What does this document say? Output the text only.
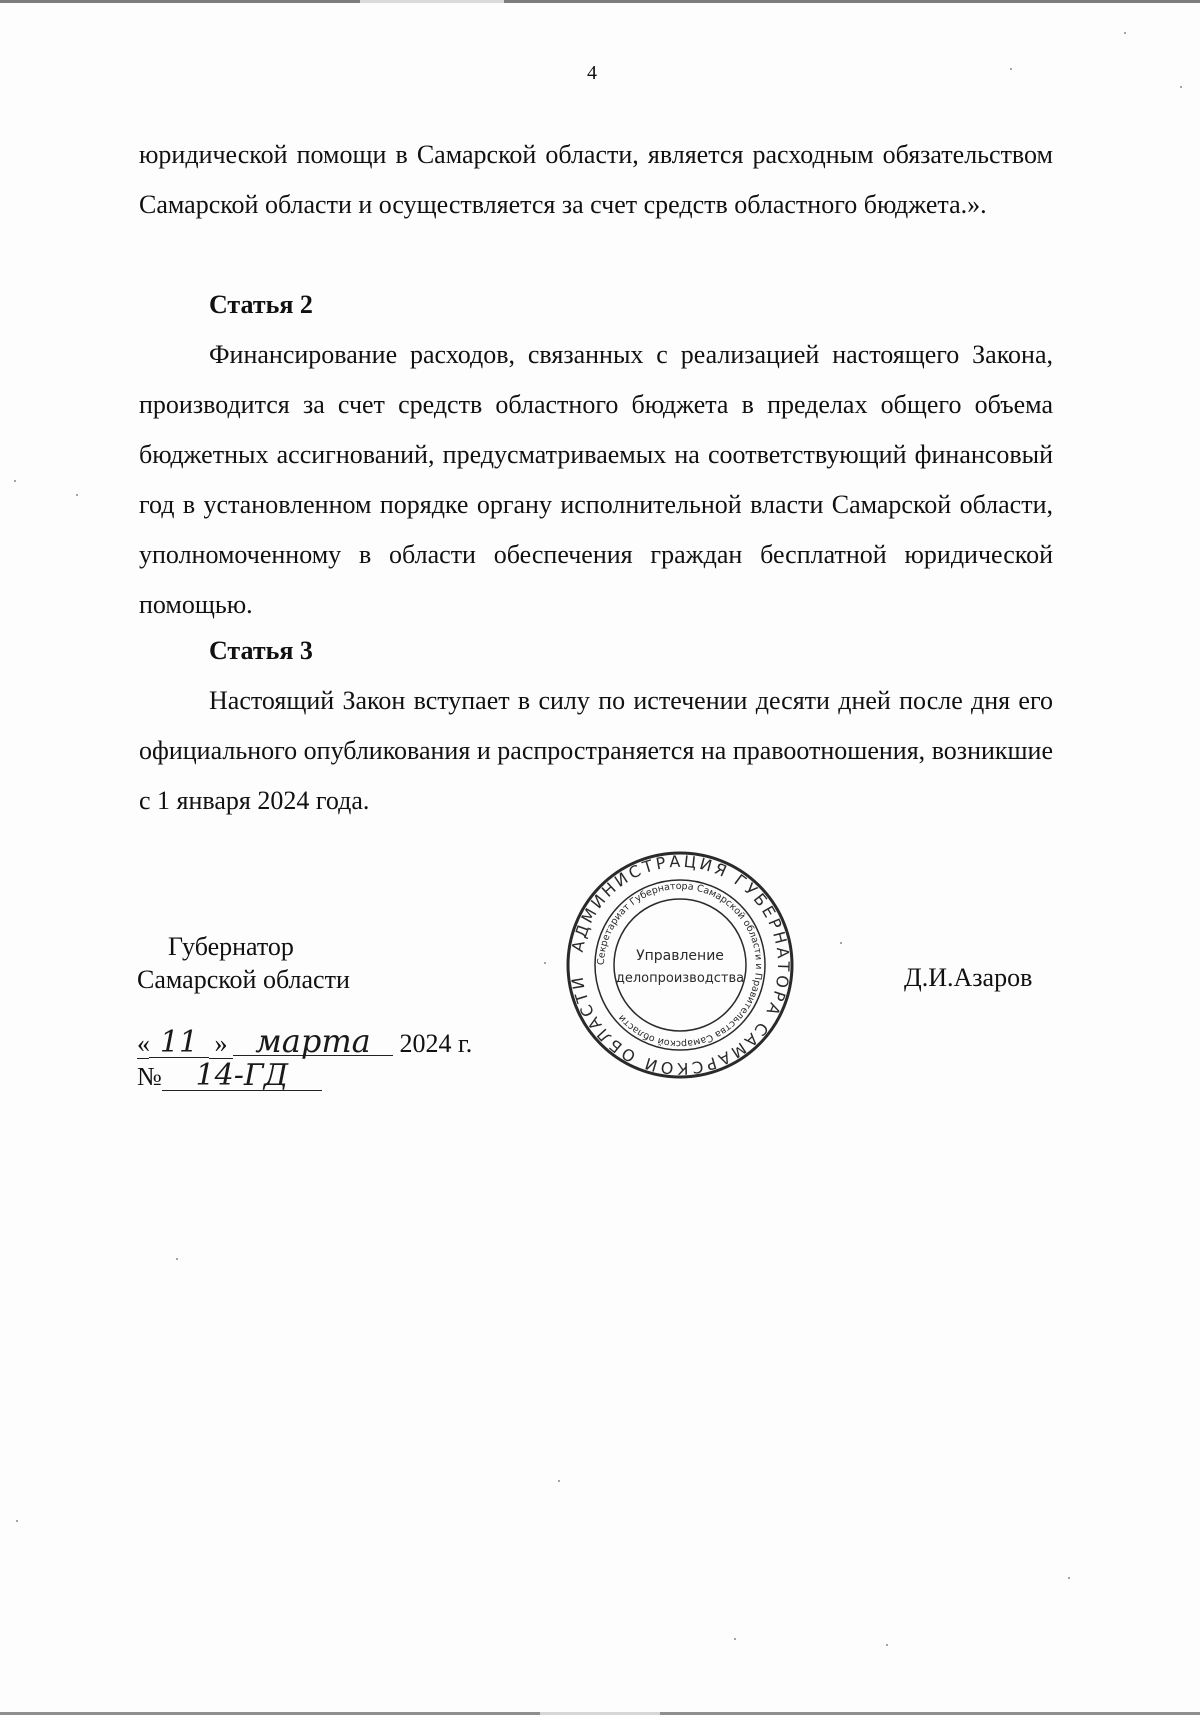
4

юридической помощи в Самарской области, является расходным обязательством Самарской области и осуществляется за счет средств областного бюджета.».

Статья 2

Финансирование расходов, связанных с реализацией настоящего Закона, производится за счет средств областного бюджета в пределах общего объема бюджетных ассигнований, предусматриваемых на соответствующий финансовый год в установленном порядке органу исполнительной власти Самарской области, уполномоченному в области обеспечения граждан бесплатной юридической помощью.

Статья 3

Настоящий Закон вступает в силу по истечении десяти дней после дня его официального опубликования и распространяется на правоотношения, возникшие с 1 января 2024 года.

Губернатор
Самарской области	Д.И.Азаров
« 11 » марта 2024 г.
№ 14-ГД
АДМИНИСТРАЦИЯ ГУБЕРНАТОРА САМАРСКОЙ ОБЛАСТИ
Секретариат Губернатора Самарской области и Правительства Самарской области
Управление
делопроизводства
